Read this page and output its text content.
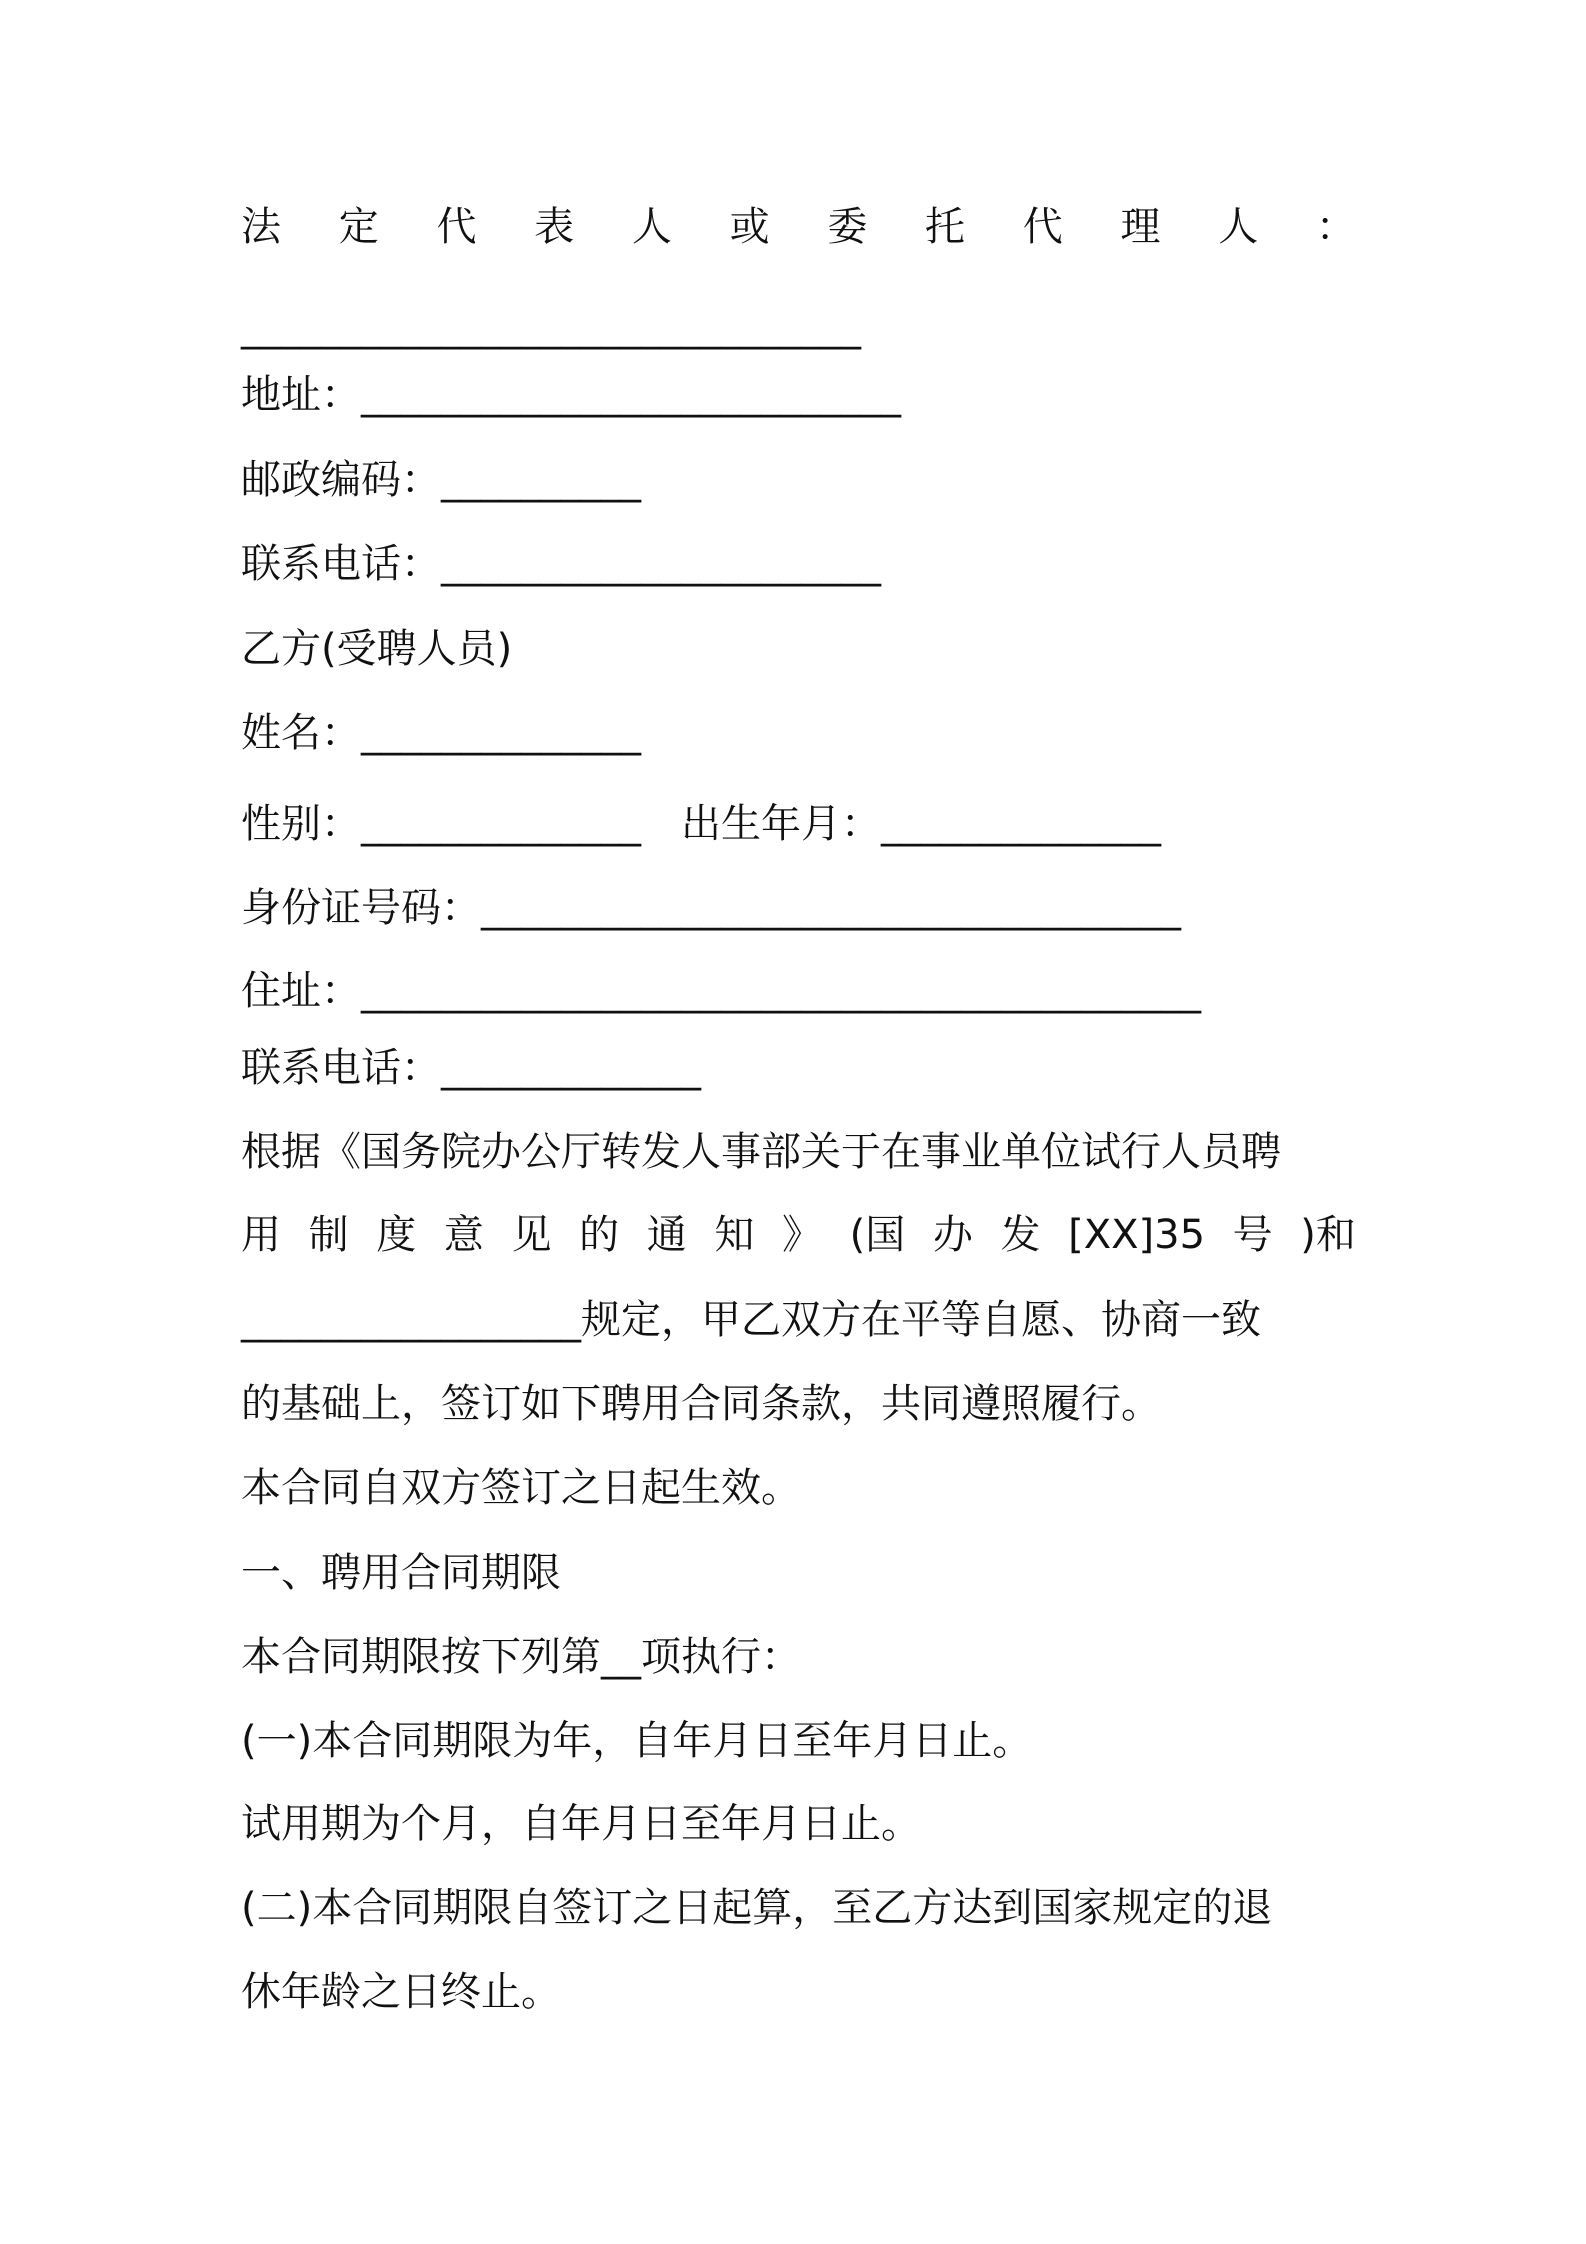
法 定 代 表 人 或 委 托 代 理 人 ：
_______________________________
地址：___________________________
邮政编码：__________
联系电话：______________________
乙方(受聘人员)
姓名：______________
性别：______________ 出生年月：______________
身份证号码：___________________________________
住址：__________________________________________
联系电话：_____________
根据《国务院办公厅转发人事部关于在事业单位试行人员聘
用 制 度 意 见 的 通 知 》 (国 办 发 [XX]35 号 )和
_________________规定，甲乙双方在平等自愿、协商一致
的基础上，签订如下聘用合同条款，共同遵照履行。
本合同自双方签订之日起生效。
一、聘用合同期限
本合同期限按下列第__项执行：
(一)本合同期限为年，自年月日至年月日止。
试用期为个月，自年月日至年月日止。
(二)本合同期限自签订之日起算，至乙方达到国家规定的退
休年龄之日终止。
